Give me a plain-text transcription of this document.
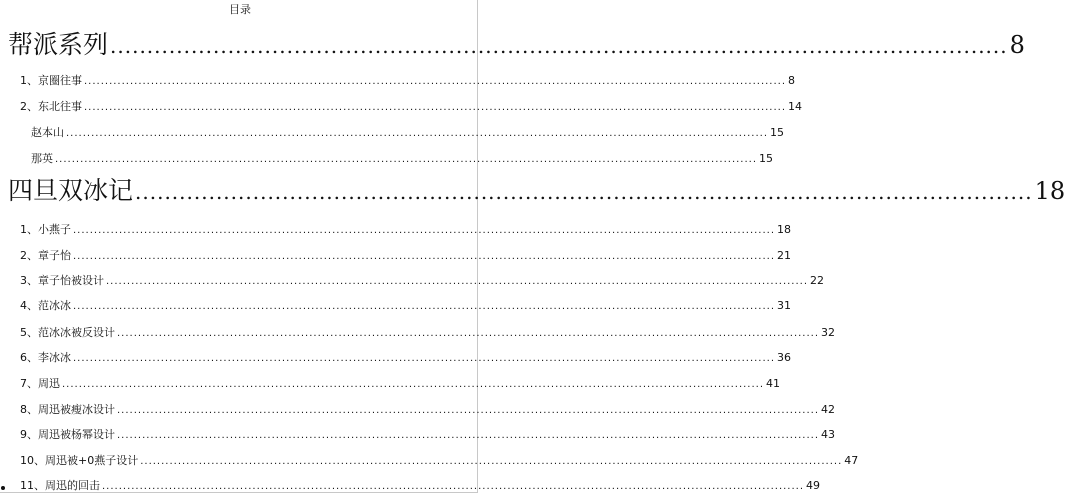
目录
帮派系列 .......................................................................................................................... 8
1、京圈往事 ........................................................................................................................................................................ 8
2、东北往事 ........................................................................................................................................................................ 14
赵本山 ........................................................................................................................................................................ 15
那英 ........................................................................................................................................................................ 15
四旦双冰记 .......................................................................................................................... 18
1、小燕子 ........................................................................................................................................................................ 18
2、章子怡 ........................................................................................................................................................................ 21
3、章子怡被设计 ........................................................................................................................................................................ 22
4、范冰冰 ........................................................................................................................................................................ 31
5、范冰冰被反设计 ........................................................................................................................................................................ 32
6、李冰冰 ........................................................................................................................................................................ 36
7、周迅 ........................................................................................................................................................................ 41
8、周迅被瘦冰设计 ........................................................................................................................................................................ 42
9、周迅被杨幂设计 ........................................................................................................................................................................ 43
10、周迅被+0燕子设计 ........................................................................................................................................................................ 47
11、周迅的回击 ........................................................................................................................................................................ 49
